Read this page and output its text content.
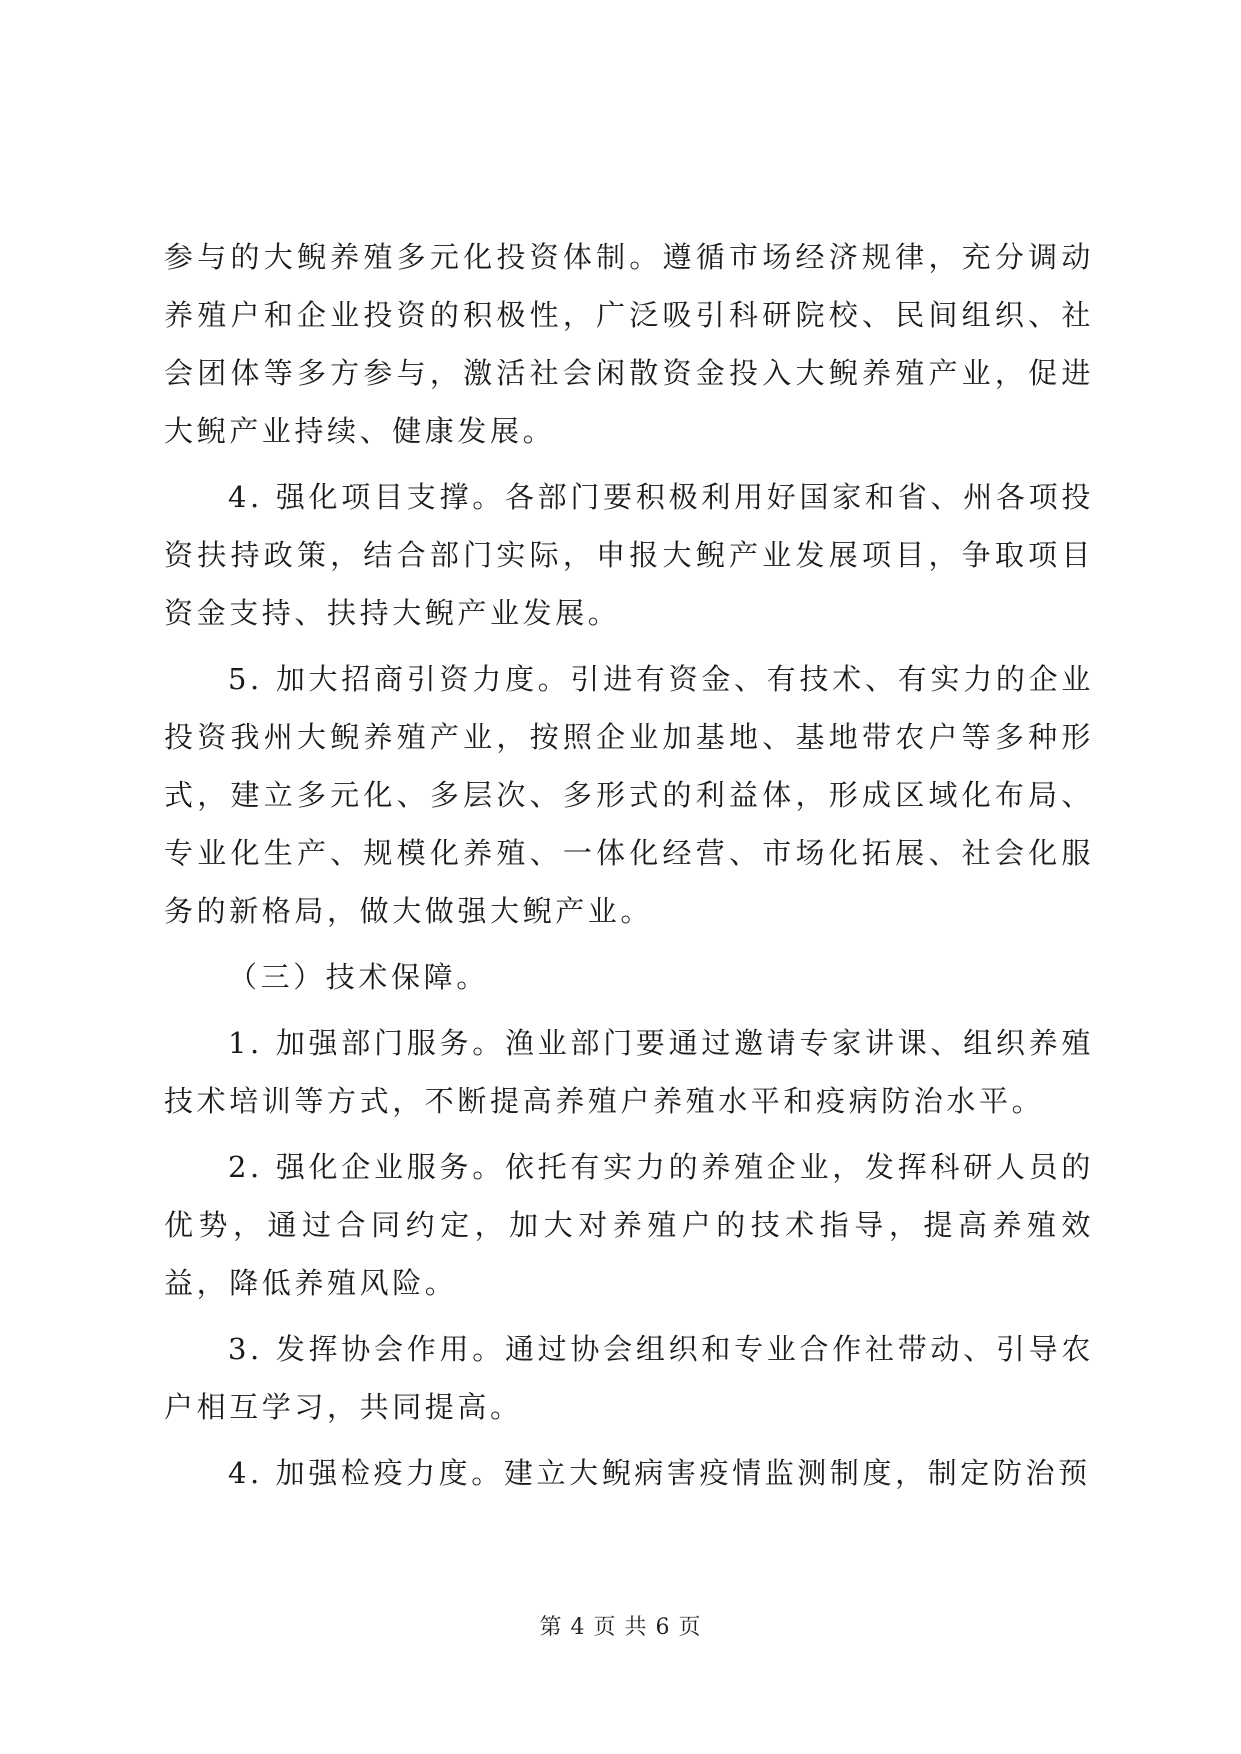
参与的大鲵养殖多元化投资体制。遵循市场经济规律，充分调动养殖户和企业投资的积极性，广泛吸引科研院校、民间组织、社会团体等多方参与，激活社会闲散资金投入大鲵养殖产业，促进大鲵产业持续、健康发展。

4. 强化项目支撑。各部门要积极利用好国家和省、州各项投资扶持政策，结合部门实际，申报大鲵产业发展项目，争取项目资金支持、扶持大鲵产业发展。

5. 加大招商引资力度。引进有资金、有技术、有实力的企业投资我州大鲵养殖产业，按照企业加基地、基地带农户等多种形式，建立多元化、多层次、多形式的利益体，形成区域化布局、专业化生产、规模化养殖、一体化经营、市场化拓展、社会化服务的新格局，做大做强大鲵产业。

（三）技术保障。

1. 加强部门服务。渔业部门要通过邀请专家讲课、组织养殖技术培训等方式，不断提高养殖户养殖水平和疫病防治水平。

2. 强化企业服务。依托有实力的养殖企业，发挥科研人员的优势，通过合同约定，加大对养殖户的技术指导，提高养殖效益，降低养殖风险。

3. 发挥协会作用。通过协会组织和专业合作社带动、引导农户相互学习，共同提高。

4. 加强检疫力度。建立大鲵病害疫情监测制度，制定防治预

第 4 页 共 6 页
